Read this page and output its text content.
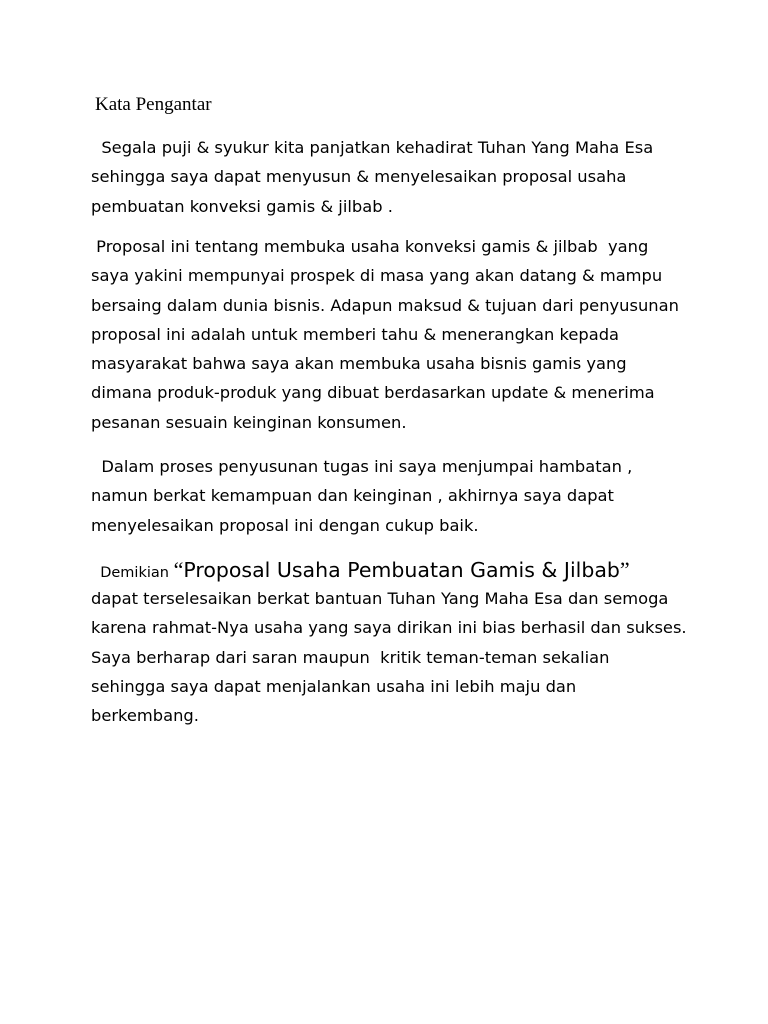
Kata Pengantar
Segala puji & syukur kita panjatkan kehadirat Tuhan Yang Maha Esa
sehingga saya dapat menyusun & menyelesaikan proposal usaha
pembuatan konveksi gamis & jilbab .
Proposal ini tentang membuka usaha konveksi gamis & jilbab  yang
saya yakini mempunyai prospek di masa yang akan datang & mampu
bersaing dalam dunia bisnis. Adapun maksud & tujuan dari penyusunan
proposal ini adalah untuk memberi tahu & menerangkan kepada
masyarakat bahwa saya akan membuka usaha bisnis gamis yang
dimana produk-produk yang dibuat berdasarkan update & menerima
pesanan sesuain keinginan konsumen.
Dalam proses penyusunan tugas ini saya menjumpai hambatan ,
namun berkat kemampuan dan keinginan , akhirnya saya dapat
menyelesaikan proposal ini dengan cukup baik.
Demikian “Proposal Usaha Pembuatan Gamis & Jilbab”
dapat terselesaikan berkat bantuan Tuhan Yang Maha Esa dan semoga
karena rahmat-Nya usaha yang saya dirikan ini bias berhasil dan sukses.
Saya berharap dari saran maupun  kritik teman-teman sekalian
sehingga saya dapat menjalankan usaha ini lebih maju dan
berkembang.
